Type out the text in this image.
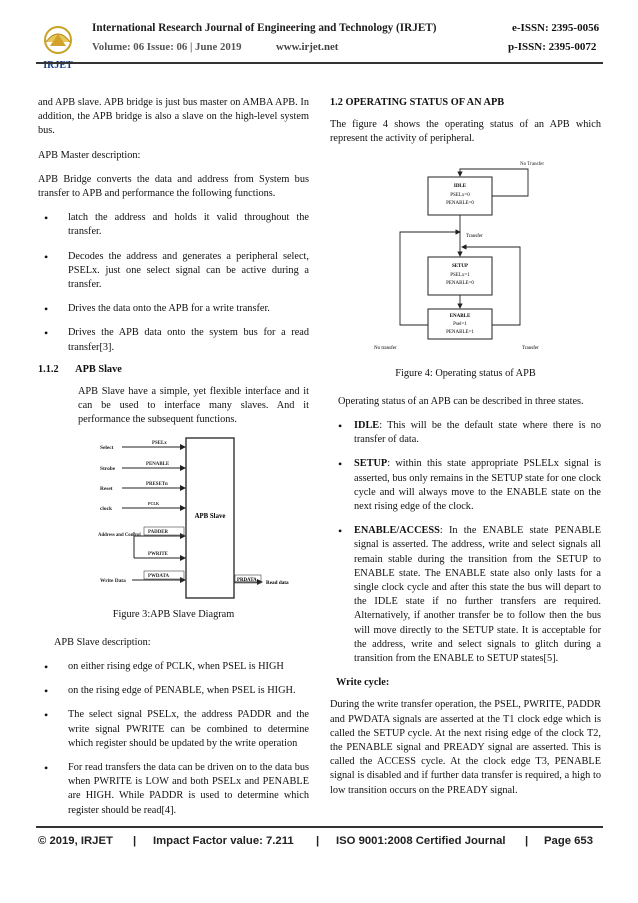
IRJET
International Research Journal of Engineering and Technology (IRJET)	e-ISSN: 2395-0056
Volume: 06 Issue: 06 | June 2019	www.irjet.net	p-ISSN: 2395-0072

and APB slave. APB bridge is just bus master on AMBA APB. In addition, the APB bridge is also a slave on the high-level system bus.

APB Master description:

APB Bridge converts the data and address from System bus transfer to APB and performance the following functions.

• latch the address and holds it valid throughout the transfer.
• Decodes the address and generates a peripheral select, PSELx. just one select signal can be active during a transfer.
• Drives the data onto the APB for a write transfer.
• Drives the APB data onto the system bus for a read transfer[3].
1.1.2 APB Slave

APB Slave have a simple, yet flexible interface and it can be used to interface many slaves. And it performance the subsequent functions.

APB Slave
Select
Strobe
Reset
clock
Address and Control
Write Data
PSELx
PENABLE
PRESETn
PCLK
PADDER
PWRITE
PWDATA
PRDATA Read data
Figure 3:APB Slave Diagram

APB Slave description:

• on either rising edge of PCLK, when PSEL is HIGH
• on the rising edge of PENABLE, when PSEL is HIGH.
• The select signal PSELx, the address PADDR and the write signal PWRITE can be combined to determine which register should be updated by the write operation
• For read transfers the data can be driven on to the data bus when PWRITE is LOW and both PSELx and PENABLE are HIGH. While PADDR is used to determine which register should be read[4].
1.2 OPERATING STATUS OF AN APB

The figure 4 shows the operating status of an APB which represent the activity of peripheral.

No Transfer
IDLE
PSELx=0
PENABLE=0
Transfer
SETUP
PSELx=1
PENABLE=0
ENABLE
Psel=1
PENABLE=1
No transfer	Transfer
Figure 4: Operating status of APB

Operating status of an APB can be described in three states.

• IDLE: This will be the default state where there is no transfer of data.
• SETUP: within this state appropriate PSLELx signal is asserted, bus only remains in the SETUP state for one clock cycle and will always move to the ENABLE state on the next rising edge of the clock.
• ENABLE/ACCESS: In the ENABLE state PENABLE signal is asserted. The address, write and select signals all remain stable during the transition from the SETUP to ENABLE state. The ENABLE state also only lasts for a single clock cycle and after this state the bus will depart to the IDLE state if no further transfers are required. Alternatively, if another transfer be to follow then the bus will move directly to the SETUP state. It is acceptable for the address, write and select signals to glitch during a transition from the ENABLE to SETUP states[5].
Write cycle:

During the write transfer operation, the PSEL, PWRITE, PADDR and PWDATA signals are asserted at the T1 clock edge which is called the SETUP cycle. At the next rising edge of the clock T2, the PENABLE signal and PREADY signal are asserted. This is called the ACCESS cycle. At the clock edge T3, PENABLE signal is disabled and if further data transfer is required, a high to low transition occurs on the PREADY signal.

© 2019, IRJET | Impact Factor value: 7.211 | ISO 9001:2008 Certified Journal | Page 653
